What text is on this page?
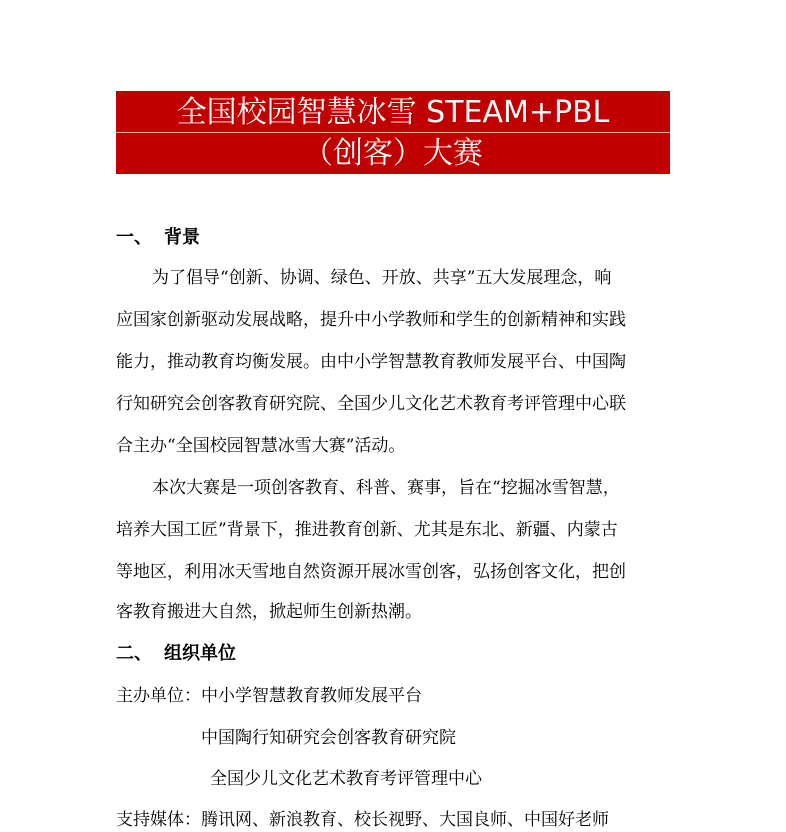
全国校园智慧冰雪 STEAM+PBL
（创客）大赛
一、 背景
为了倡导“创新、协调、绿色、开放、共享”五大发展理念，响
应国家创新驱动发展战略，提升中小学教师和学生的创新精神和实践
能力，推动教育均衡发展。由中小学智慧教育教师发展平台、中国陶
行知研究会创客教育研究院、全国少儿文化艺术教育考评管理中心联
合主办“全国校园智慧冰雪大赛”活动。
本次大赛是一项创客教育、科普、赛事，旨在“挖掘冰雪智慧，
培养大国工匠”背景下，推进教育创新、尤其是东北、新疆、内蒙古
等地区，利用冰天雪地自然资源开展冰雪创客，弘扬创客文化，把创
客教育搬进大自然，掀起师生创新热潮。
二、 组织单位
主办单位：中小学智慧教育教师发展平台
中国陶行知研究会创客教育研究院
全国少儿文化艺术教育考评管理中心
支持媒体：腾讯网、新浪教育、校长视野、大国良师、中国好老师
